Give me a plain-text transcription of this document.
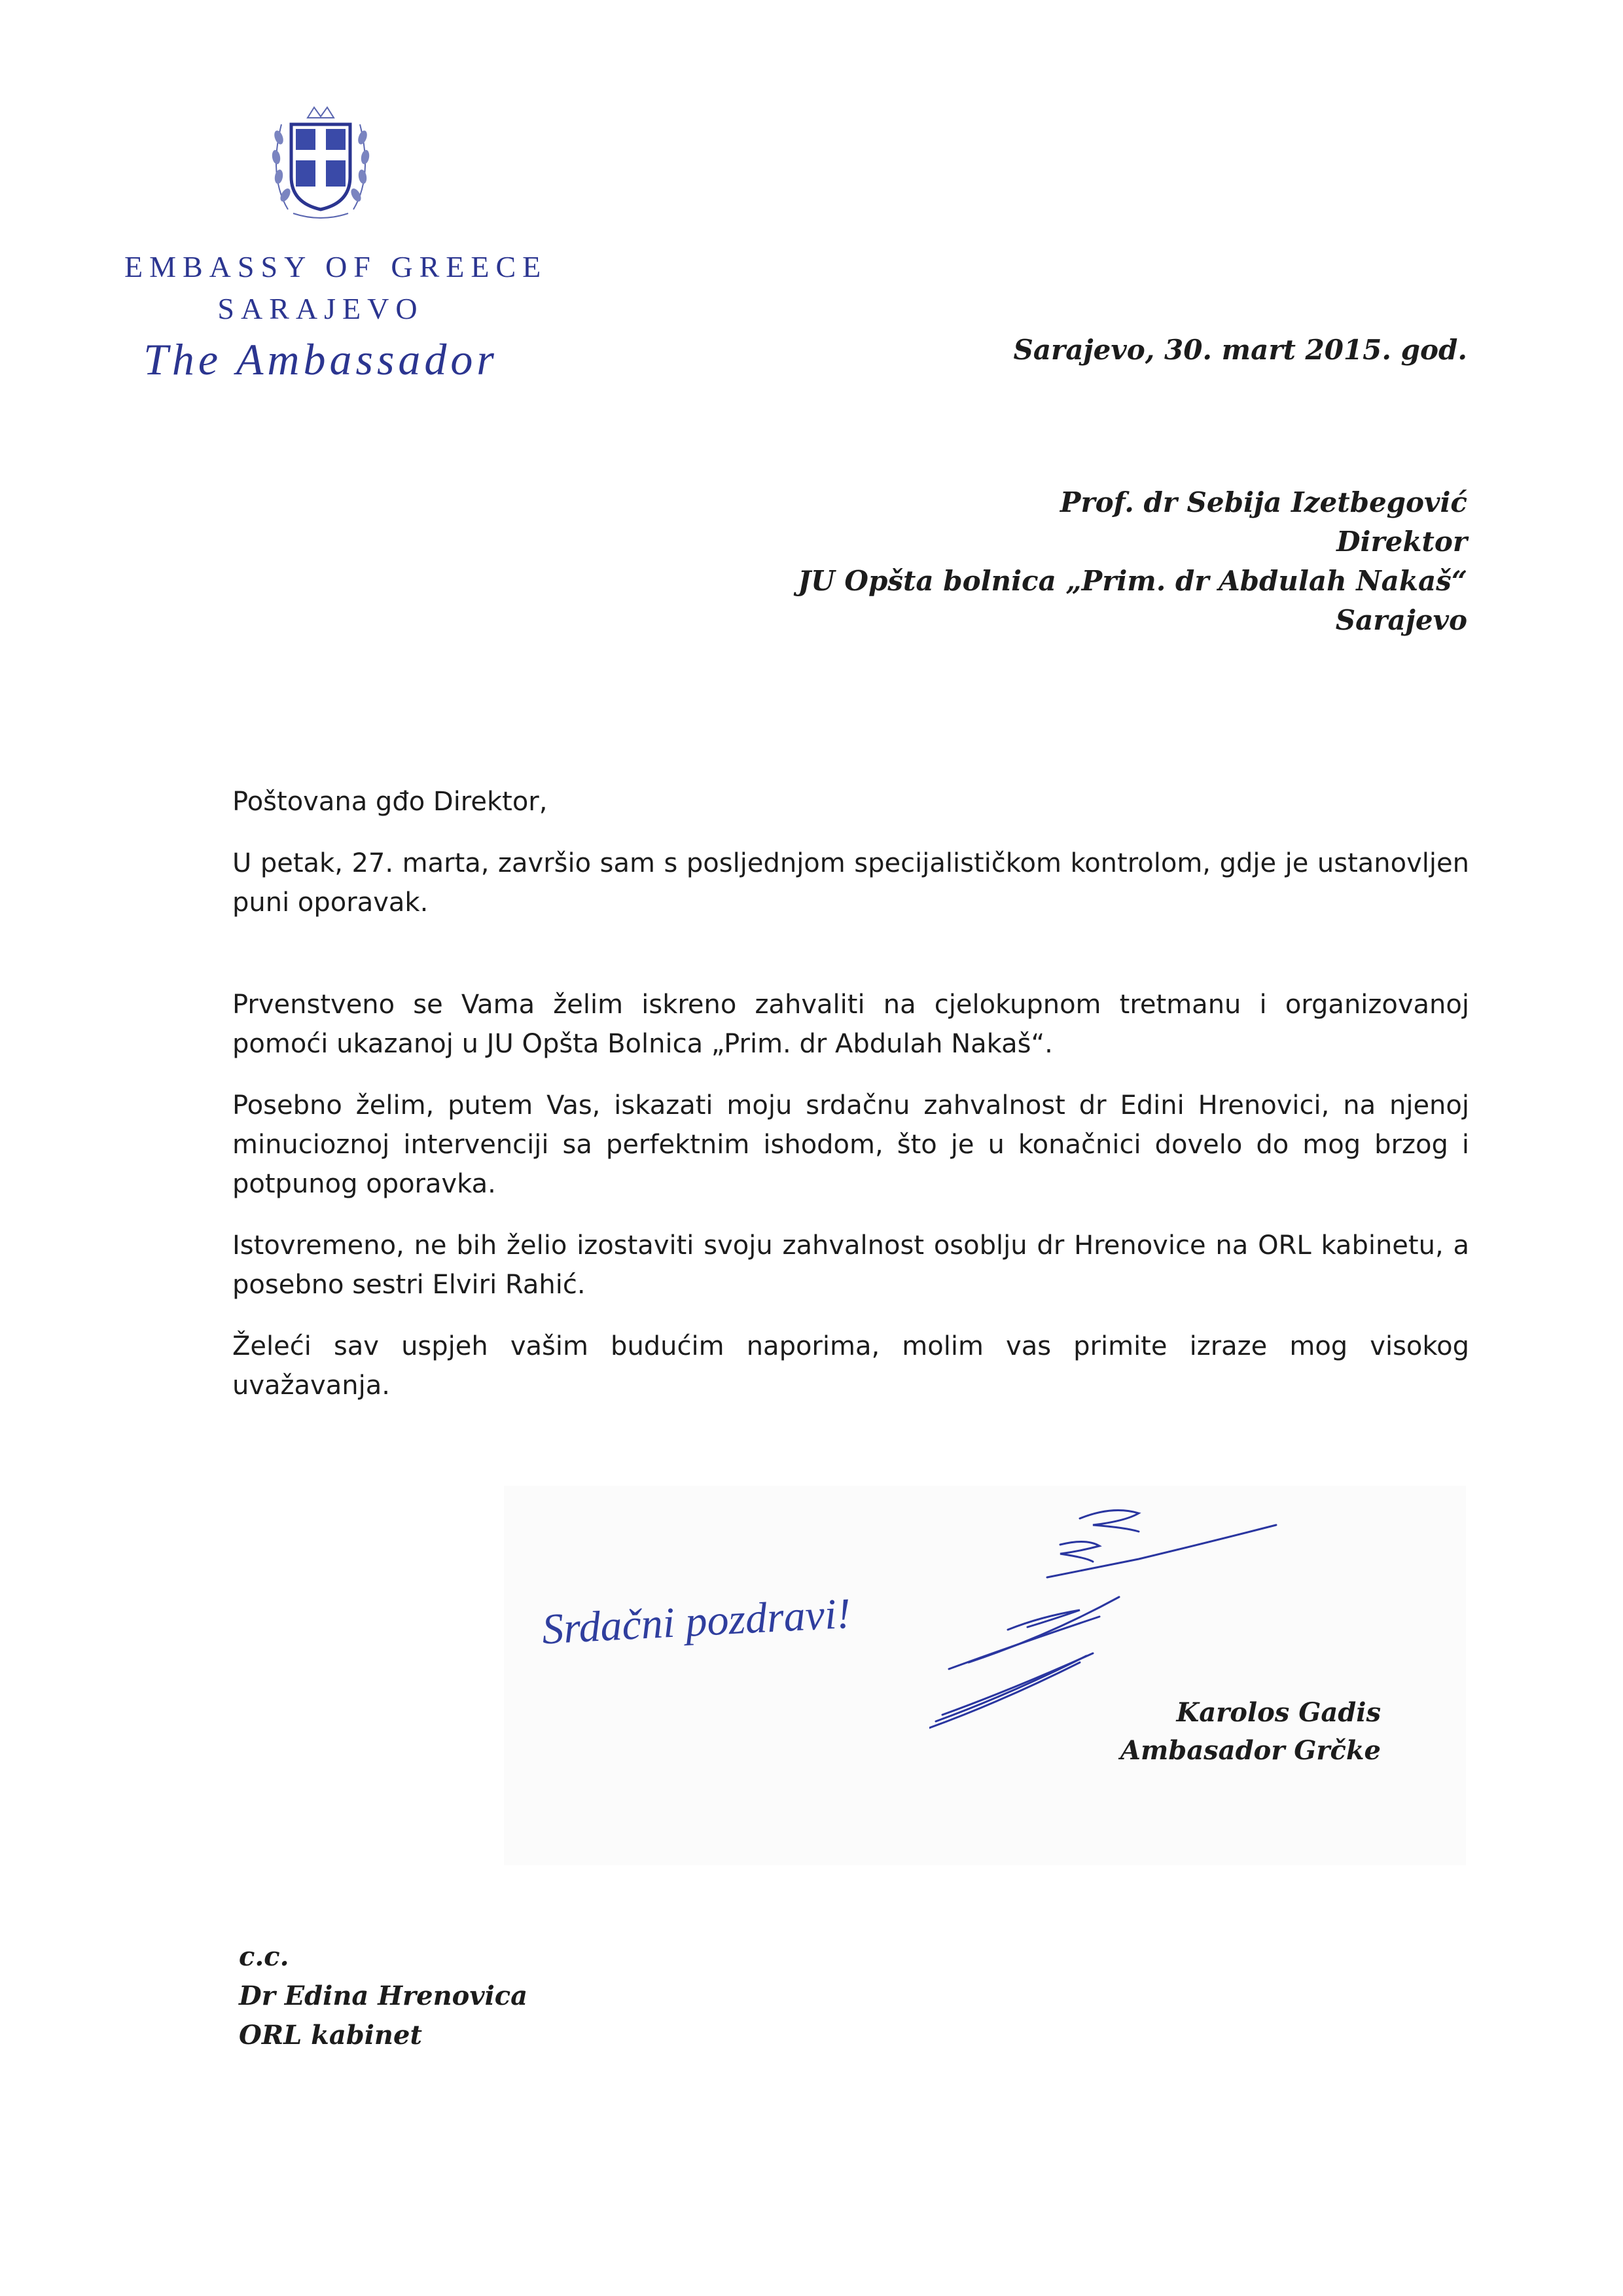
EMBASSY OF GREECE
SARAJEVO
The Ambassador	Sarajevo, 30. mart 2015. god.
Prof. dr Sebija Izetbegović
Direktor
JU Opšta bolnica „Prim. dr Abdulah Nakaš“
Sarajevo

Poštovana gđo Direktor,

U petak, 27. marta, završio sam s posljednjom specijalističkom kontrolom, gdje je ustanovljen puni oporavak.

Prvenstveno se Vama želim iskreno zahvaliti na cjelokupnom tretmanu i organizovanoj pomoći ukazanoj u JU Opšta Bolnica „Prim. dr Abdulah Nakaš“.

Posebno želim, putem Vas, iskazati moju srdačnu zahvalnost dr Edini Hrenovici, na njenoj minucioznoj intervenciji sa perfektnim ishodom, što je u konačnici dovelo do mog brzog i potpunog oporavka.

Istovremeno, ne bih želio izostaviti svoju zahvalnost osoblju dr Hrenovice na ORL kabinetu, a posebno sestri Elviri Rahić.

Želeći sav uspjeh vašim budućim naporima, molim vas primite izraze mog visokog uvažavanja.

Srdačni pozdravi!
Karolos Gadis
Ambasador Grčke
c.c.
Dr Edina Hrenovica
ORL kabinet
